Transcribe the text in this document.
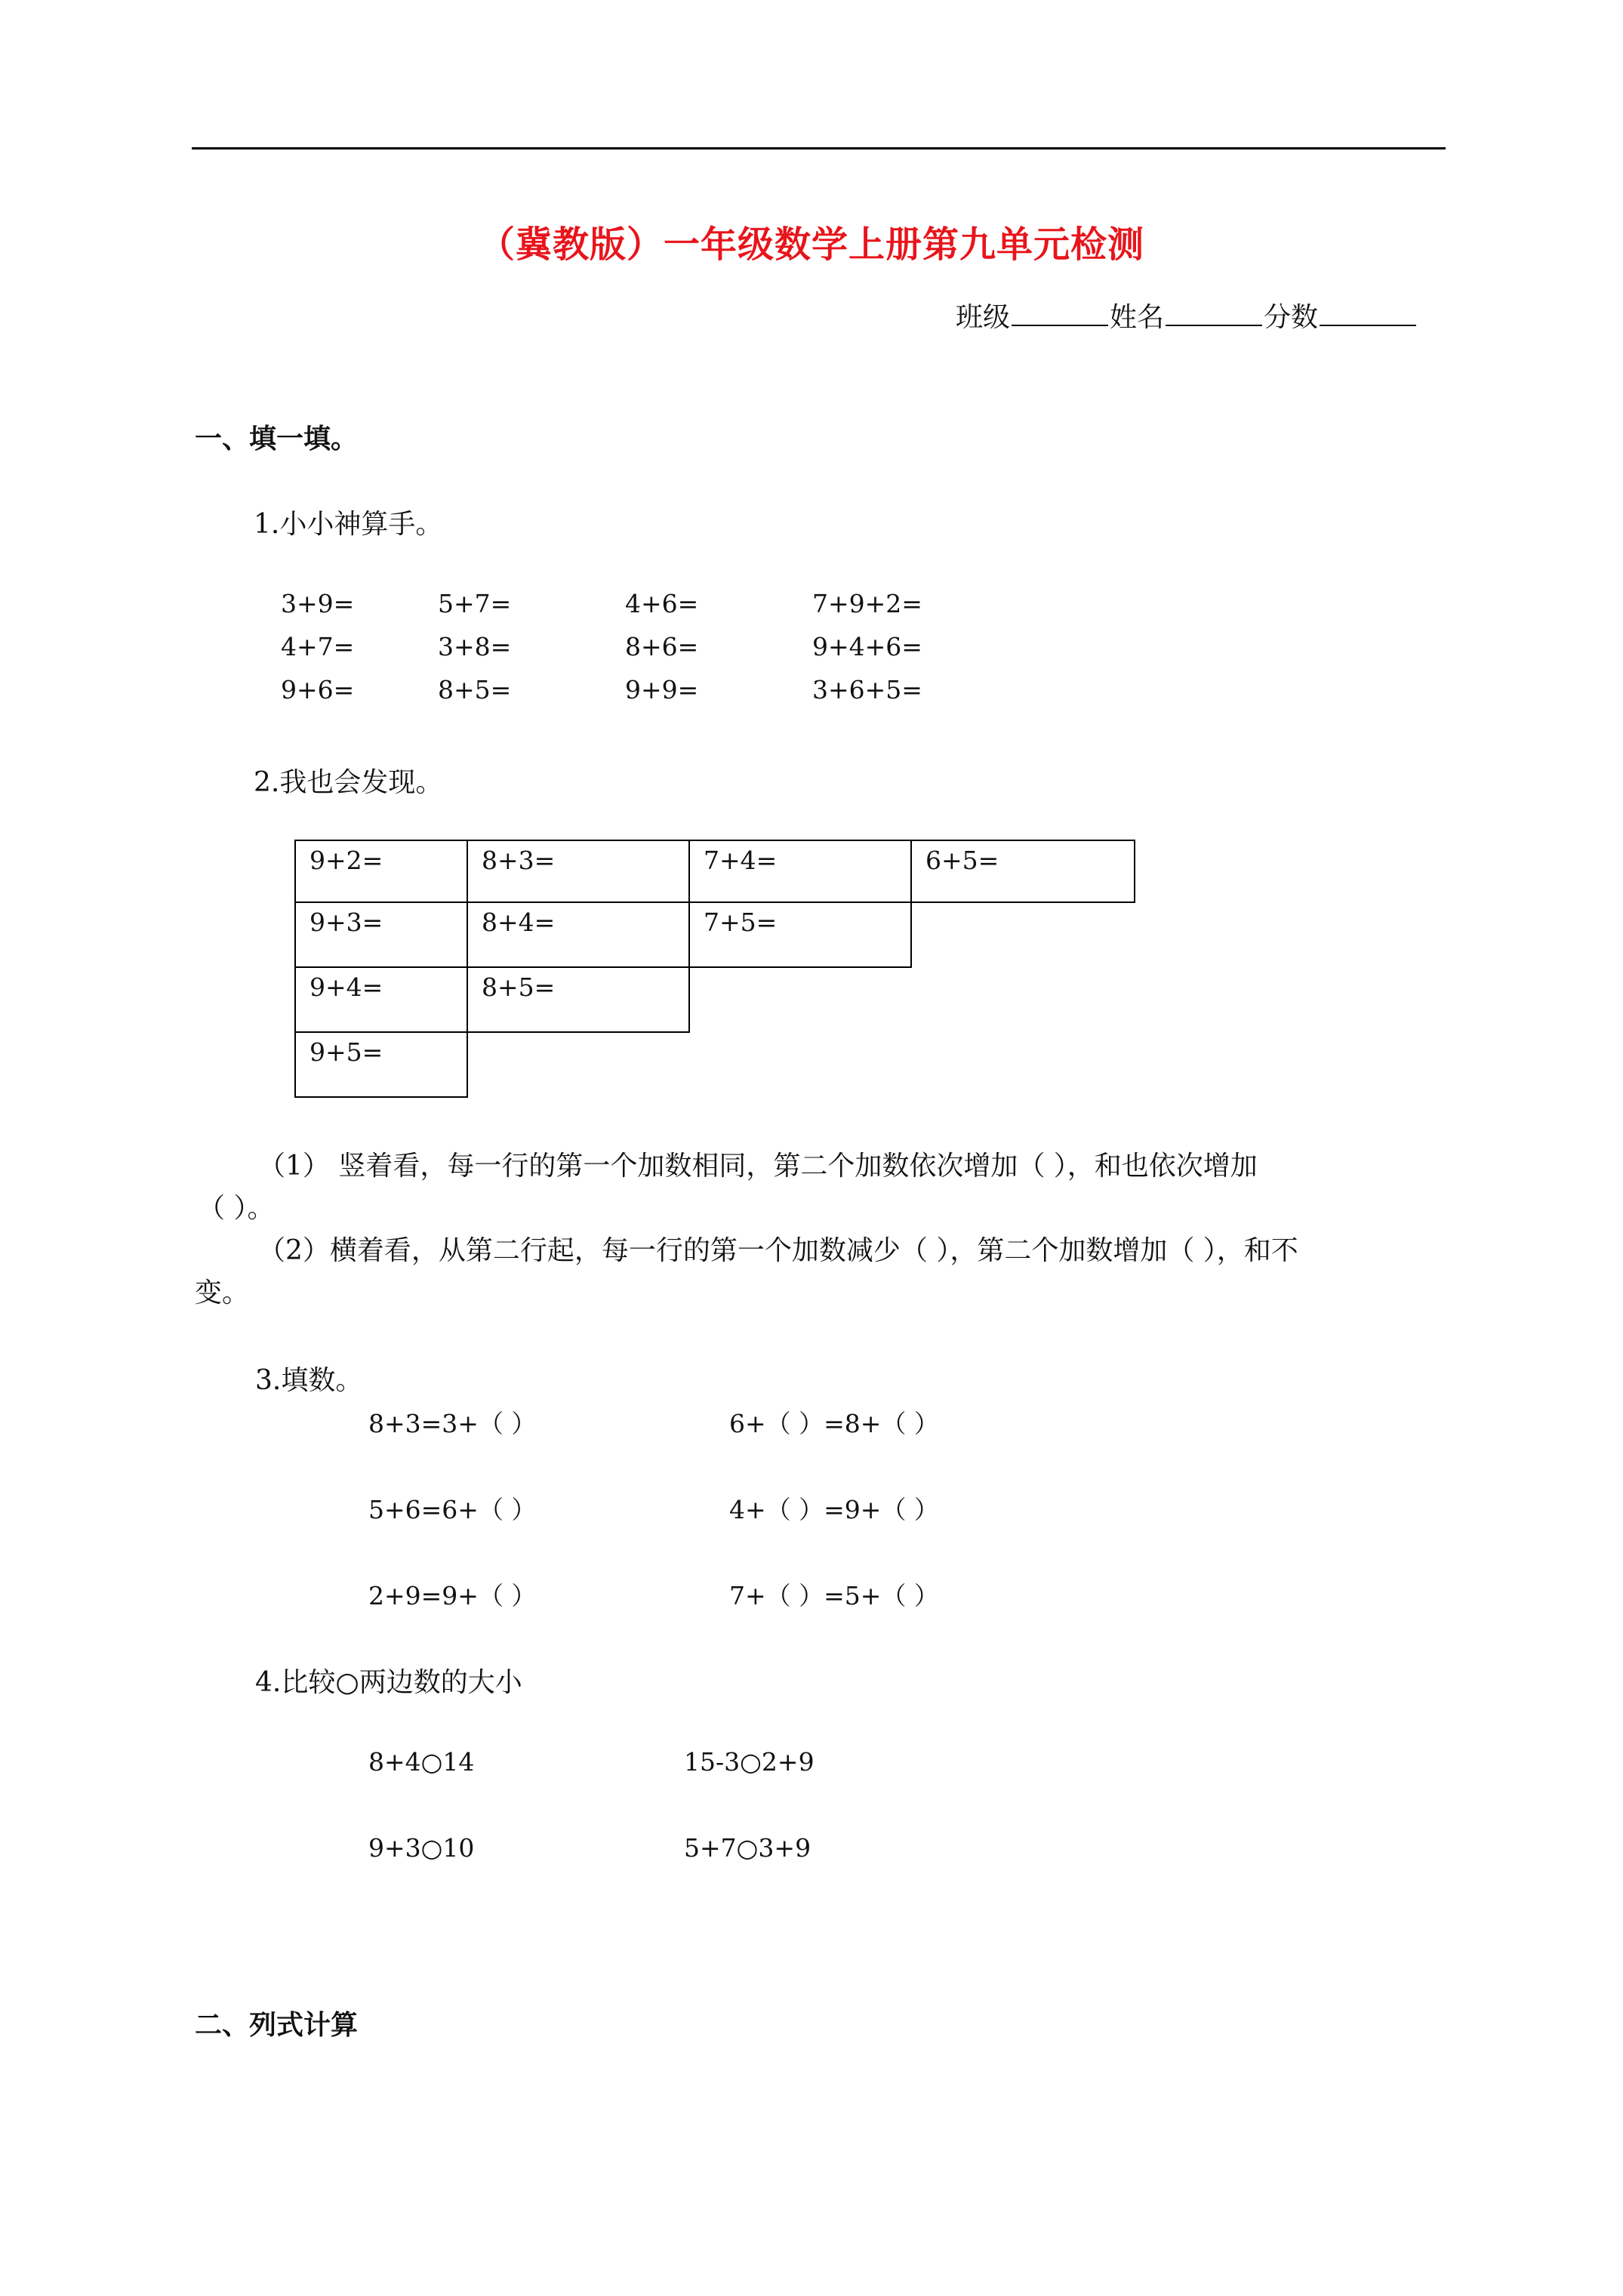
（冀教版）一年级数学上册第九单元检测
班级	姓名	分数
一、填一填。
1.小小神算手。
3+9=	5+7=	4+6=	7+9+2=
4+7=	3+8=	8+6=	9+4+6=
9+6=	8+5=	9+9=	3+6+5=
2.我也会发现。
9+2=	8+3=	7+4=	6+5=
9+3=	8+4=	7+5=
9+4=	8+5=
9+5=
（1） 竖着看，每一行的第一个加数相同，第二个加数依次增加（ ），和也依次增加
（ ）。
（2）横着看，从第二行起，每一行的第一个加数减少（ ），第二个加数增加（ ），和不
变。
3.填数。
8+3=3+（ ）	6+（ ）=8+（ ）
5+6=6+（ ）	4+（ ）=9+（ ）
2+9=9+（ ）	7+（ ）=5+（ ）
4.比较○两边数的大小
8+4○14	15-3○2+9
9+3○10	5+7○3+9
二、列式计算
